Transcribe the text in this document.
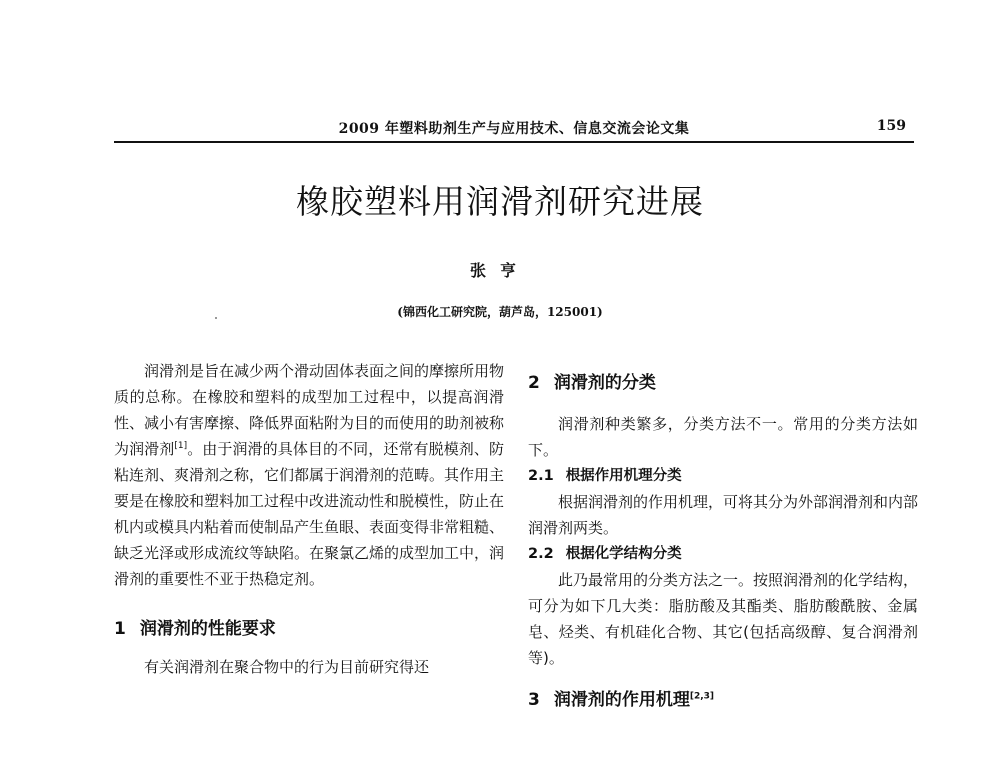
2009 年塑料助剂生产与应用技术、信息交流会论文集	159
橡胶塑料用润滑剂研究进展
张亨
(锦西化工研究院，葫芦岛，125001)

润滑剂是旨在减少两个滑动固体表面之间的摩擦所用物质的总称。在橡胶和塑料的成型加工过程中，以提高润滑性、减小有害摩擦、降低界面粘附为目的而使用的助剂被称为润滑剂[1]。由于润滑的具体目的不同，还常有脱模剂、防粘连剂、爽滑剂之称，它们都属于润滑剂的范畴。其作用主要是在橡胶和塑料加工过程中改进流动性和脱模性，防止在机内或模具内粘着而使制品产生鱼眼、表面变得非常粗糙、缺乏光泽或形成流纹等缺陷。在聚氯乙烯的成型加工中，润滑剂的重要性不亚于热稳定剂。

1 润滑剂的性能要求

有关润滑剂在聚合物中的行为目前研究得还

2 润滑剂的分类

润滑剂种类繁多，分类方法不一。常用的分类方法如下。

2.1 根据作用机理分类

根据润滑剂的作用机理，可将其分为外部润滑剂和内部润滑剂两类。

2.2 根据化学结构分类

此乃最常用的分类方法之一。按照润滑剂的化学结构，可分为如下几大类：脂肪酸及其酯类、脂肪酸酰胺、金属皂、烃类、有机硅化合物、其它(包括高级醇、复合润滑剂等)。

3 润滑剂的作用机理[2,3]
